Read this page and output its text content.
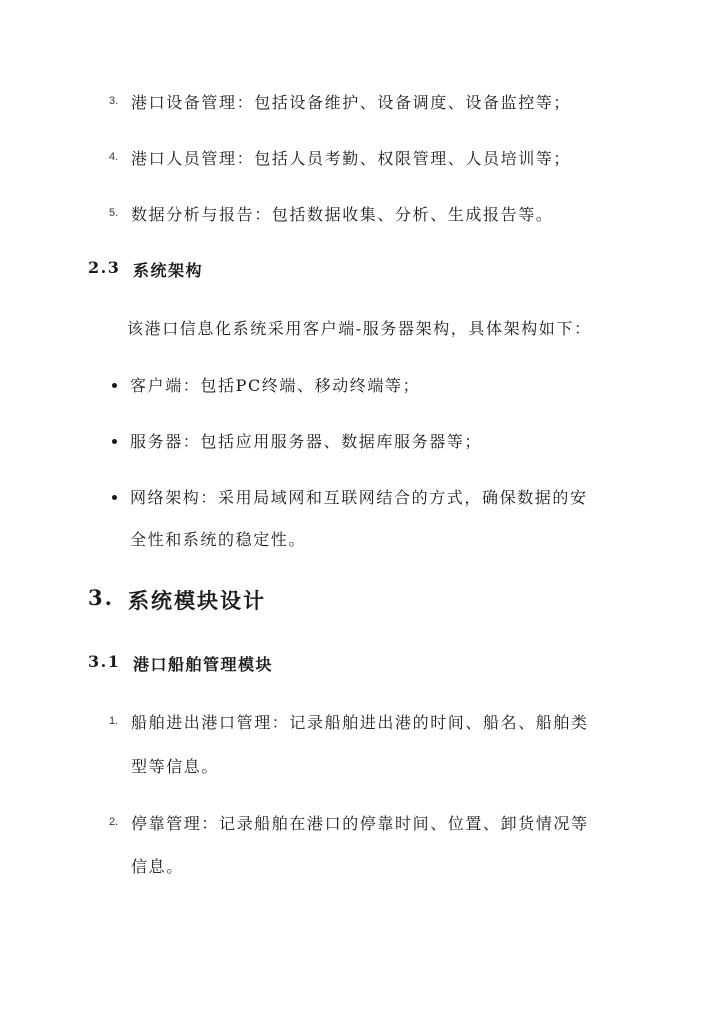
3. 港口设备管理：包括设备维护、设备调度、设备监控等；
4. 港口人员管理：包括人员考勤、权限管理、人员培训等；
5. 数据分析与报告：包括数据收集、分析、生成报告等。
2.3 系统架构
该港口信息化系统采用客户端-服务器架构，具体架构如下：
客户端：包括PC终端、移动终端等；
服务器：包括应用服务器、数据库服务器等；
网络架构：采用局域网和互联网结合的方式，确保数据的安
全性和系统的稳定性。
3. 系统模块设计
3.1 港口船舶管理模块
1. 船舶进出港口管理：记录船舶进出港的时间、船名、船舶类
型等信息。
2. 停靠管理：记录船舶在港口的停靠时间、位置、卸货情况等
信息。
